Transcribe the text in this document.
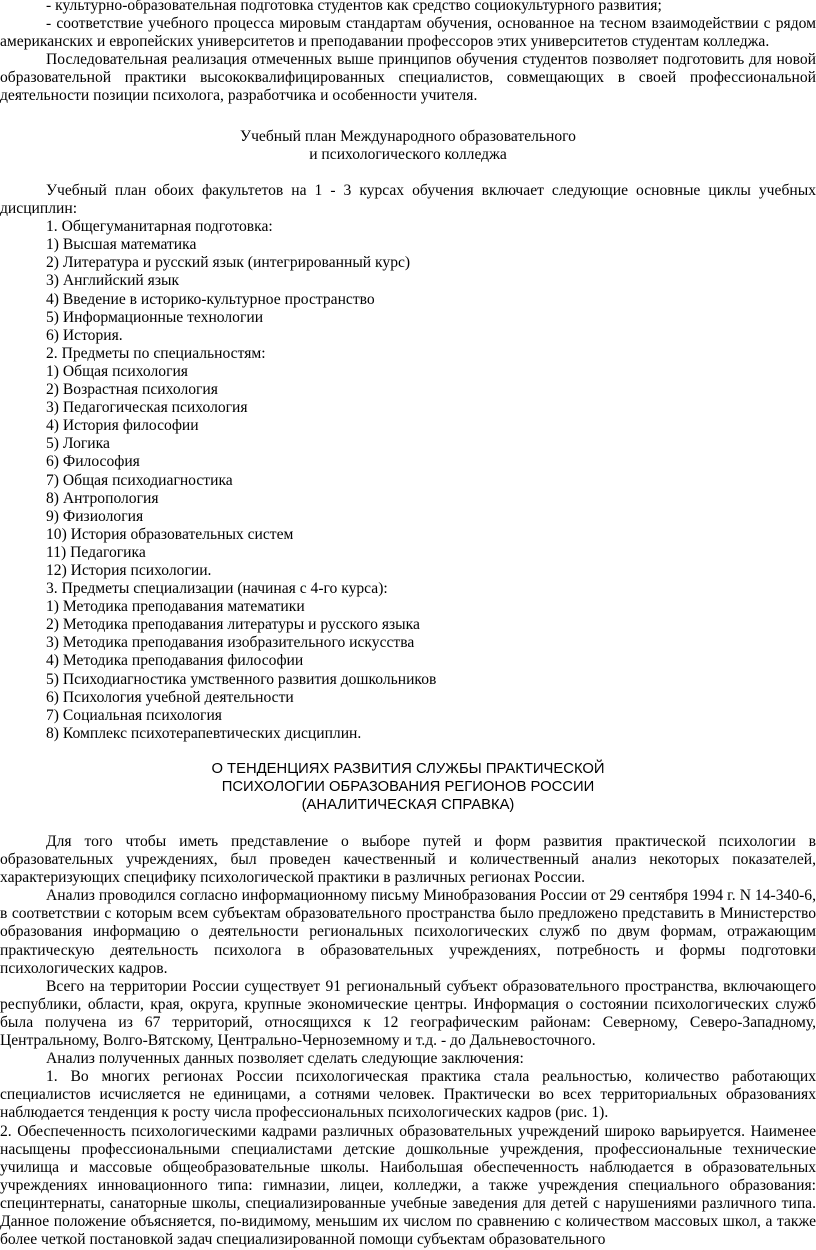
- культурно-образовательная подготовка студентов как средство социокультурного развития;

- соответствие учебного процесса мировым стандартам обучения, основанное на тесном взаимодействии с рядом американских и европейских университетов и преподавании профессоров этих университетов студентам колледжа.

Последовательная реализация отмеченных выше принципов обучения студентов позволяет подготовить для новой образовательной практики высококвалифицированных специалистов, совмещающих в своей профессиональной деятельности позиции психолога, разработчика и особенности учителя.

Учебный план Международного образовательного
и психологического колледжа

Учебный план обоих факультетов на 1 - 3 курсах обучения включает следующие основные циклы учебных дисциплин:

1. Общегуманитарная подготовка:
1) Высшая математика
2) Литература и русский язык (интегрированный курс)
3) Английский язык
4) Введение в историко-культурное пространство
5) Информационные технологии
6) История.
2. Предметы по специальностям:
1) Общая психология
2) Возрастная психология
3) Педагогическая психология
4) История философии
5) Логика
6) Философия
7) Общая психодиагностика
8) Антропология
9) Физиология
10) История образовательных систем
11) Педагогика
12) История психологии.
3. Предметы специализации (начиная с 4-го курса):
1) Методика преподавания математики
2) Методика преподавания литературы и русского языка
3) Методика преподавания изобразительного искусства
4) Методика преподавания философии
5) Психодиагностика умственного развития дошкольников
6) Психология учебной деятельности
7) Социальная психология
8) Комплекс психотерапевтических дисциплин.
О ТЕНДЕНЦИЯХ РАЗВИТИЯ СЛУЖБЫ ПРАКТИЧЕСКОЙ
ПСИХОЛОГИИ ОБРАЗОВАНИЯ РЕГИОНОВ РОССИИ
(АНАЛИТИЧЕСКАЯ СПРАВКА)

Для того чтобы иметь представление о выборе путей и форм развития практической психологии в образовательных учреждениях, был проведен качественный и количественный анализ некоторых показателей, характеризующих специфику психологической практики в различных регионах России.

Анализ проводился согласно информационному письму Минобразования России от 29 сентября 1994 г. N 14-340-6, в соответствии с которым всем субъектам образовательного пространства было предложено представить в Министерство образования информацию о деятельности региональных психологических служб по двум формам, отражающим практическую деятельность психолога в образовательных учреждениях, потребность и формы подготовки психологических кадров.

Всего на территории России существует 91 региональный субъект образовательного пространства, включающего республики, области, края, округа, крупные экономические центры. Информация о состоянии психологических служб была получена из 67 территорий, относящихся к 12 географическим районам: Северному, Северо-Западному, Центральному, Волго-Вятскому, Центрально-Черноземному и т.д. - до Дальневосточного.

Анализ полученных данных позволяет сделать следующие заключения:

1. Во многих регионах России психологическая практика стала реальностью, количество работающих специалистов исчисляется не единицами, а сотнями человек. Практически во всех территориальных образованиях наблюдается тенденция к росту числа профессиональных психологических кадров (рис. 1).

2. Обеспеченность психологическими кадрами различных образовательных учреждений широко варьируется. Наименее насыщены профессиональными специалистами детские дошкольные учреждения, профессиональные технические училища и массовые общеобразовательные школы. Наибольшая обеспеченность наблюдается в образовательных учреждениях инновационного типа: гимназии, лицеи, колледжи, а также учреждения специального образования: специнтернаты, санаторные школы, специализированные учебные заведения для детей с нарушениями различного типа. Данное положение объясняется, по-видимому, меньшим их числом по сравнению с количеством массовых школ, а также более четкой постановкой задач специализированной помощи субъектам образовательного
